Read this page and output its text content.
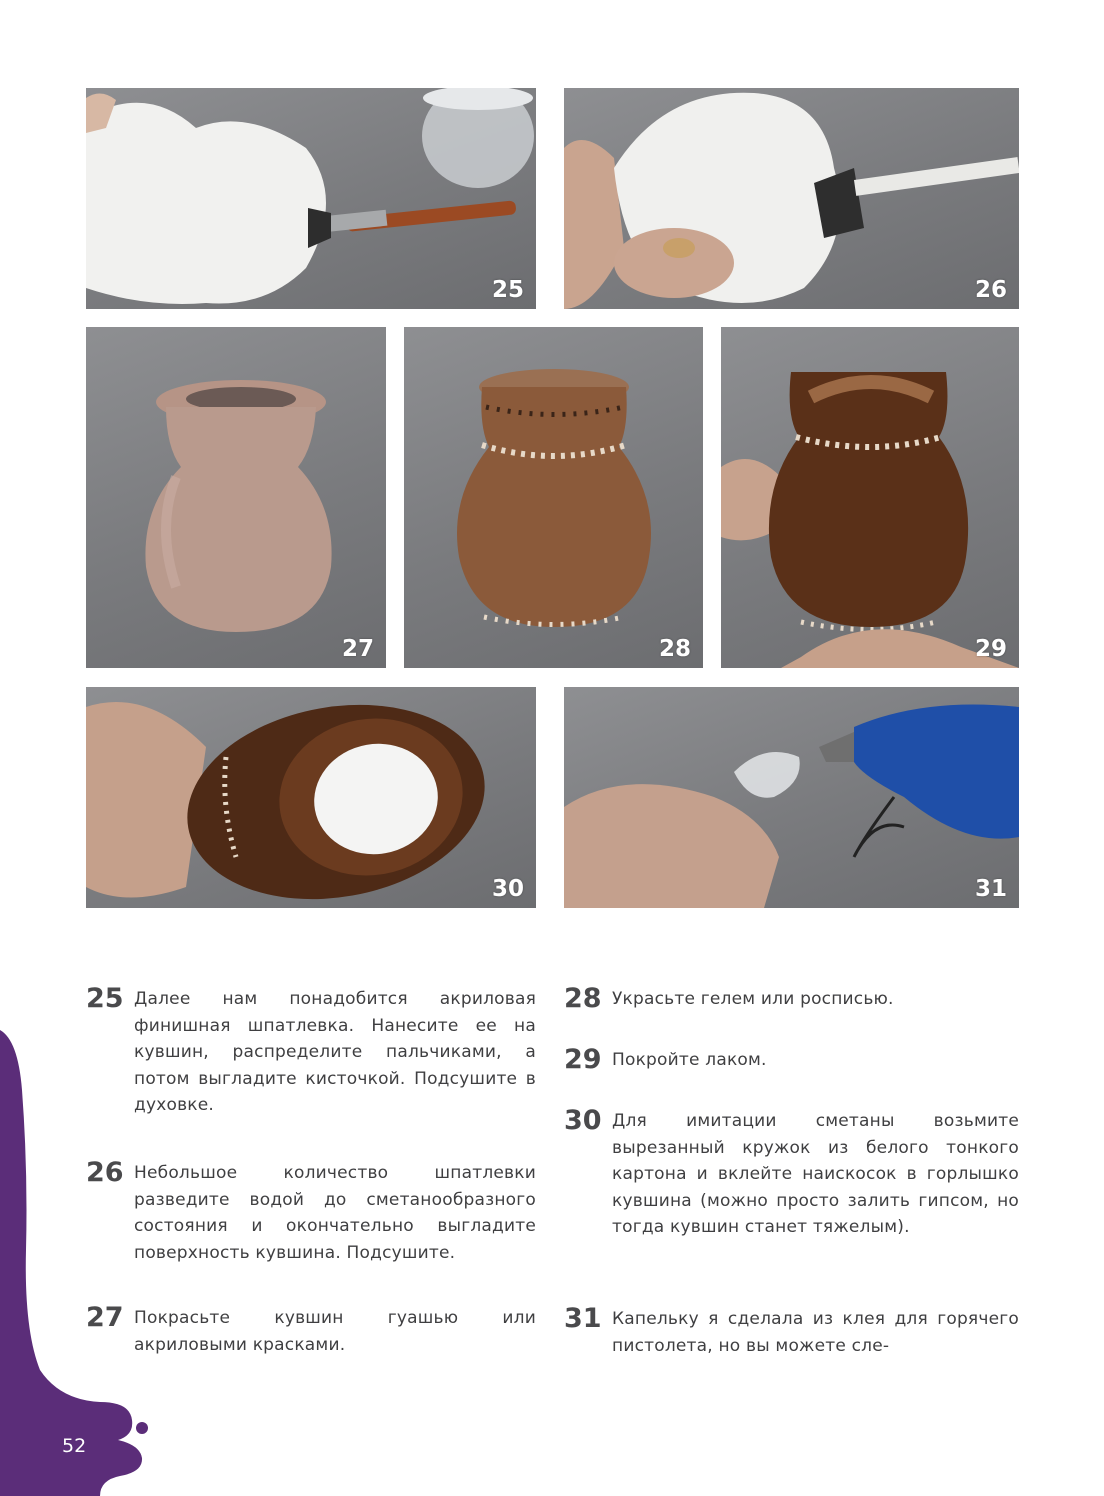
25	26
27	28	29
30	31
25 Далее нам понадобится акриловая финишная шпатлевка. Нанесите ее на кувшин, распределите пальчиками, а потом выгладите кисточкой. Подсушите в духовке.
26 Небольшое количество шпатлевки разведите водой до сметанообразного состояния и окончательно выгладите поверхность кувшина. Подсушите.
27 Покрасьте кувшин гуашью или акриловыми красками.
28 Украсьте гелем или росписью.
29 Покройте лаком.
30 Для имитации сметаны возьмите вырезанный кружок из белого тонкого картона и вклейте наискосок в горлышко кувшина (можно просто залить гипсом, но тогда кувшин станет тяжелым).
31 Капельку я сделала из клея для горячего пистолета, но вы можете сле-
52
